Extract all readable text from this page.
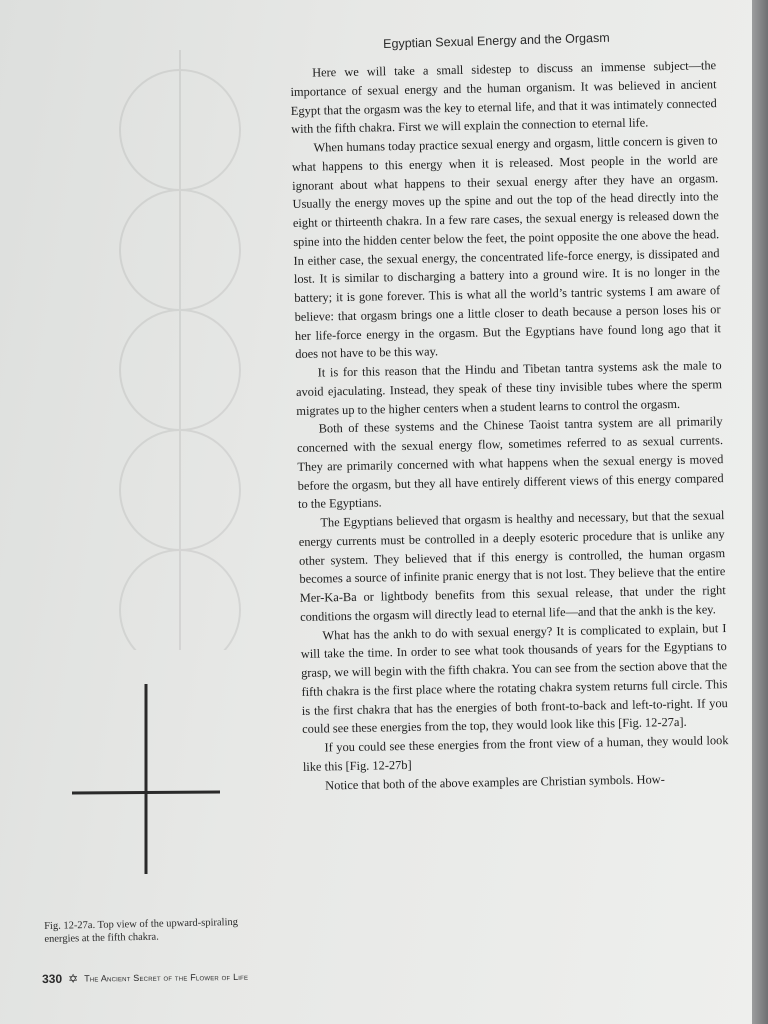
Egyptian Sexual Energy and the Orgasm

Here we will take a small sidestep to discuss an immense subject—the importance of sexual energy and the human organism. It was believed in ancient Egypt that the orgasm was the key to eternal life, and that it was intimately connected with the fifth chakra. First we will explain the connection to eternal life.

When humans today practice sexual energy and orgasm, little concern is given to what happens to this energy when it is released. Most people in the world are ignorant about what happens to their sexual energy after they have an orgasm. Usually the energy moves up the spine and out the top of the head directly into the eight or thirteenth chakra. In a few rare cases, the sexual energy is released down the spine into the hidden center below the feet, the point opposite the one above the head. In either case, the sexual energy, the concentrated life-force energy, is dissipated and lost. It is similar to discharging a battery into a ground wire. It is no longer in the battery; it is gone forever. This is what all the world’s tantric systems I am aware of believe: that orgasm brings one a little closer to death because a person loses his or her life-force energy in the orgasm. But the Egyptians have found long ago that it does not have to be this way.

It is for this reason that the Hindu and Tibetan tantra systems ask the male to avoid ejaculating. Instead, they speak of these tiny invisible tubes where the sperm migrates up to the higher centers when a student learns to control the orgasm.

Both of these systems and the Chinese Taoist tantra system are all primarily concerned with the sexual energy flow, sometimes referred to as sexual currents. They are primarily concerned with what happens when the sexual energy is moved before the orgasm, but they all have entirely different views of this energy compared to the Egyptians.

The Egyptians believed that orgasm is healthy and necessary, but that the sexual energy currents must be controlled in a deeply esoteric procedure that is unlike any other system. They believed that if this energy is controlled, the human orgasm becomes a source of infinite pranic energy that is not lost. They believe that the entire Mer-Ka-Ba or lightbody benefits from this sexual release, that under the right conditions the orgasm will directly lead to eternal life—and that the ankh is the key.

What has the ankh to do with sexual energy? It is complicated to explain, but I will take the time. In order to see what took thousands of years for the Egyptians to grasp, we will begin with the fifth chakra. You can see from the section above that the fifth chakra is the first place where the rotating chakra system returns full circle. This is the first chakra that has the energies of both front-to-back and left-to-right. If you could see these energies from the top, they would look like this [Fig. 12-27a].

If you could see these energies from the front view of a human, they would look like this [Fig. 12-27b]

Notice that both of the above examples are Christian symbols. How-

Fig. 12-27a. Top view of the upward-spiraling energies at the fifth chakra.
330 ✡ The Ancient Secret of the Flower of Life
